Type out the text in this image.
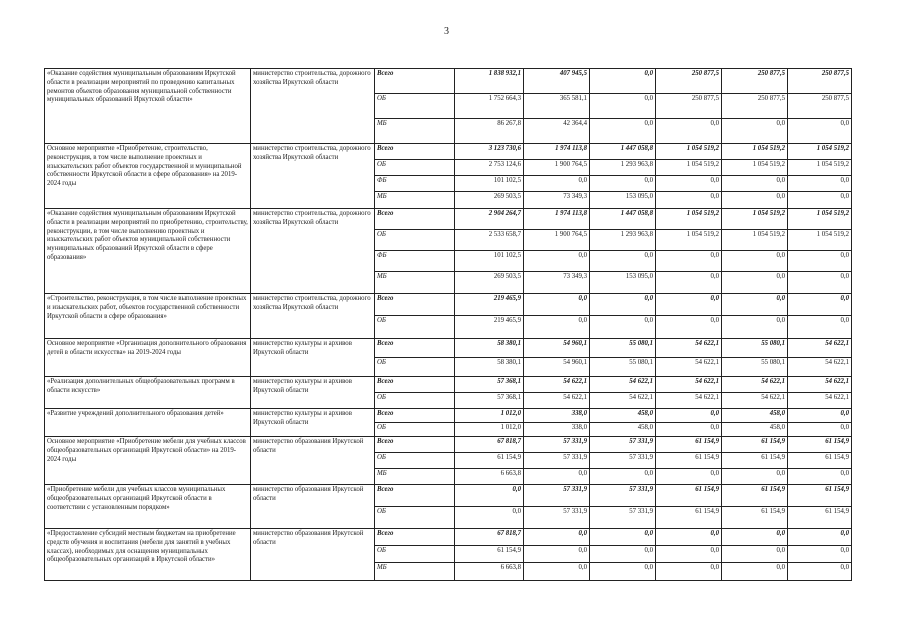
3
«Оказание содействия муниципальным образованиям Иркутской области в реализации мероприятий по проведению капитальных ремонтов объектов образования муниципальной собственности муниципальных образований Иркутской области»	министерство строительства, дорожного хозяйства Иркутской области	Всего	1 838 932,1	407 945,5	0,0	250 877,5	250 877,5	250 877,5
		ОБ	1 752 664,3	365 581,1	0,0	250 877,5	250 877,5	250 877,5
		МБ	86 267,8	42 364,4	0,0	0,0	0,0	0,0
Основное мероприятие «Приобретение, строительство, реконструкция, в том числе выполнение проектных и изыскательских работ объектов государственной и муниципальной собственности Иркутской области в сфере образования» на 2019-2024 годы	министерство строительства, дорожного хозяйства Иркутской области	Всего	3 123 730,6	1 974 113,8	1 447 058,8	1 054 519,2	1 054 519,2	1 054 519,2
		ОБ	2 753 124,6	1 900 764,5	1 293 963,8	1 054 519,2	1 054 519,2	1 054 519,2
		ФБ	101 102,5	0,0	0,0	0,0	0,0	0,0
		МБ	269 503,5	73 349,3	153 095,0	0,0	0,0	0,0
«Оказание содействия муниципальным образованиям Иркутской области в реализации мероприятий по приобретению, строительству, реконструкции, в том числе выполнению проектных и изыскательских работ объектов муниципальной собственности муниципальных образований Иркутской области в сфере образования»	министерство строительства, дорожного хозяйства Иркутской области	Всего	2 904 264,7	1 974 113,8	1 447 058,8	1 054 519,2	1 054 519,2	1 054 519,2
		ОБ	2 533 658,7	1 900 764,5	1 293 963,8	1 054 519,2	1 054 519,2	1 054 519,2
		ФБ	101 102,5	0,0	0,0	0,0	0,0	0,0
		МБ	269 503,5	73 349,3	153 095,0	0,0	0,0	0,0
«Строительство, реконструкция, в том числе выполнение проектных и изыскательских работ, объектов государственной собственности Иркутской области в сфере образования»	министерство строительства, дорожного хозяйства Иркутской области	Всего	219 465,9	0,0	0,0	0,0	0,0	0,0
		ОБ	219 465,9	0,0	0,0	0,0	0,0	0,0
Основное мероприятие «Организация дополнительного образования детей в области искусства» на 2019-2024 годы	министерство культуры и архивов Иркутской области	Всего	58 380,1	54 960,1	55 080,1	54 622,1	55 080,1	54 622,1
		ОБ	58 380,1	54 960,1	55 080,1	54 622,1	55 080,1	54 622,1
«Реализация дополнительных общеобразовательных программ в области искусств»	министерство культуры и архивов Иркутской области	Всего	57 368,1	54 622,1	54 622,1	54 622,1	54 622,1	54 622,1
		ОБ	57 368,1	54 622,1	54 622,1	54 622,1	54 622,1	54 622,1
«Развитие учреждений дополнительного образования детей»	министерство культуры и архивов Иркутской области	Всего	1 012,0	338,0	458,0	0,0	458,0	0,0
		ОБ	1 012,0	338,0	458,0	0,0	458,0	0,0
Основное мероприятие «Приобретение мебели для учебных классов общеобразовательных организаций Иркутской области» на 2019-2024 годы	министерство образования Иркутской области	Всего	67 818,7	57 331,9	57 331,9	61 154,9	61 154,9	61 154,9
		ОБ	61 154,9	57 331,9	57 331,9	61 154,9	61 154,9	61 154,9
		МБ	6 663,8	0,0	0,0	0,0	0,0	0,0
«Приобретение мебели для учебных классов муниципальных общеобразовательных организаций Иркутской области в соответствии с установленным порядком»	министерство образования Иркутской области	Всего	0,0	57 331,9	57 331,9	61 154,9	61 154,9	61 154,9
		ОБ	0,0	57 331,9	57 331,9	61 154,9	61 154,9	61 154,9
«Предоставление субсидий местным бюджетам на приобретение средств обучения и воспитания (мебели для занятий в учебных классах), необходимых для оснащения муниципальных общеобразовательных организаций в Иркутской области»	министерство образования Иркутской области	Всего	67 818,7	0,0	0,0	0,0	0,0	0,0
		ОБ	61 154,9	0,0	0,0	0,0	0,0	0,0
		МБ	6 663,8	0,0	0,0	0,0	0,0	0,0
